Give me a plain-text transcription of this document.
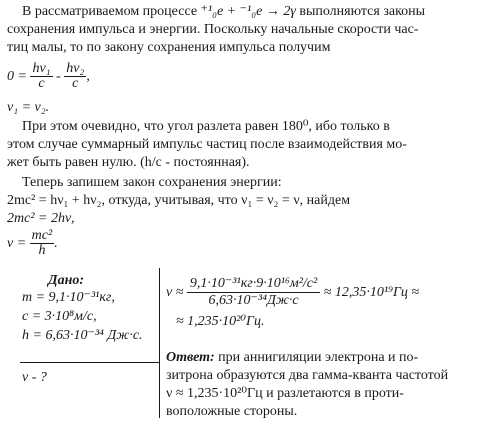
В рассматриваемом процессе ⁺¹₀e + ⁻¹₀e → 2γ выполняются законы
сохранения импульса и энергии. Поскольку начальные скорости час-
тиц малы, то по закону сохранения импульса получим
$0 = \frac{\text{hν₁}}{c} - \frac{\text{hν₂}}{c}$ ,
ν₁ = ν₂.
При этом очевидно, что угол разлета равен 180⁰, ибо только в
этом случае суммарный импульс частиц после взаимодействия мо-
жет быть равен нулю. (h/c - постоянная).
Теперь запишем закон сохранения энергии:
2mc² = hν₁ + hν₂, откуда, учитывая, что ν₁ = ν₂ = ν, найдем
2mc² = 2hν,
$\nu = \frac{\text{mc²}}{h}$ .
Дано:
m = 9,1·10⁻³¹кг,
c = 3·10⁸м/с,
h = 6,63·10⁻³⁴ Дж·с.
ν - ?
$\nu \approx \frac{\text{9,1·10⁻³¹кг·9·10¹⁶м²/с²}}{\text{6,63·10⁻³⁴Дж·с}} \approx 12,35\cdot 10^{19}Гц$ ≈
≈ 1,235·10²⁰Гц.
Ответ: при аннигиляции электрона и по-
зитрона образуются два гамма-кванта частотой
ν ≈ 1,235·10²⁰Гц и разлетаются в проти-
воположные стороны.
